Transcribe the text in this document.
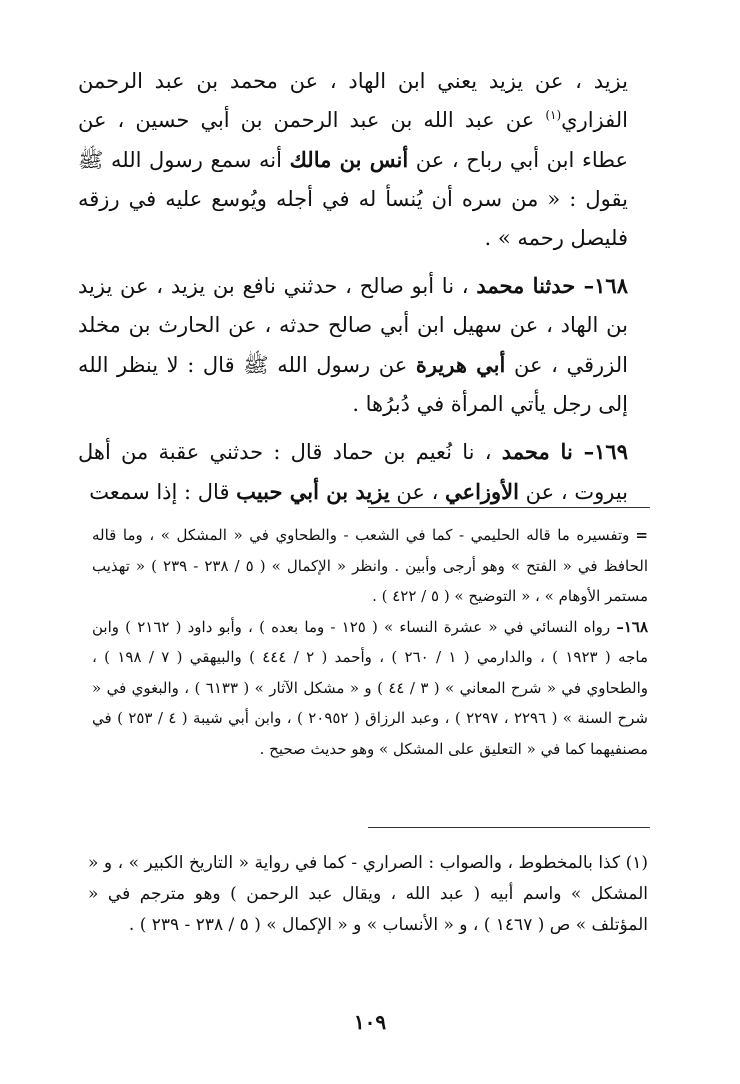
يزيد ، عن يزيد يعني ابن الهاد ، عن محمد بن عبد الرحمن الفزاري$^{(١)}$ عن عبد الله بن عبد الرحمن بن أبي حسين ، عن عطاء ابن أبي رباح ، عن أنس بن مالك أنه سمع رسول الله ﷺ يقول : « من سره أن يُنسأ له في أجله ويُوسع عليه في رزقه فليصل رحمه » .

١٦٨– حدثنا محمد ، نا أبو صالح ، حدثني نافع بن يزيد ، عن يزيد بن الهاد ، عن سهيل ابن أبي صالح حدثه ، عن الحارث بن مخلد الزرقي ، عن أبي هريرة عن رسول الله ﷺ قال : لا ينظر الله إلى رجل يأتي المرأة في دُبرُها .

١٦٩– نا محمد ، نا نُعيم بن حماد قال : حدثني عقبة من أهل بيروت ، عن الأوزاعي ، عن يزيد بن أبي حبيب قال : إذا سمعت

=وتفسيره ما قاله الحليمي - كما في الشعب - والطحاوي في « المشكل » ، وما قاله الحافظ في « الفتح » وهو أرجى وأبين . وانظر « الإكمال » ( ٥ / ٢٣٨ - ٢٣٩ ) « تهذيب مستمر الأوهام » ، « التوضيح » ( ٥ / ٤٢٢ ) .

١٦٨– رواه النسائي في « عشرة النساء » ( ١٢٥ - وما بعده ) ، وأبو داود ( ٢١٦٢ ) وابن ماجه ( ١٩٢٣ ) ، والدارمي ( ١ / ٢٦٠ ) ، وأحمد ( ٢ / ٤٤٤ ) والبيهقي ( ٧ / ١٩٨ ) ، والطحاوي في « شرح المعاني » ( ٣ / ٤٤ ) و « مشكل الآثار » ( ٦١٣٣ ) ، والبغوي في « شرح السنة » ( ٢٢٩٦ ، ٢٢٩٧ ) ، وعبد الرزاق ( ٢٠٩٥٢ ) ، وابن أبي شيبة ( ٤ / ٢٥٣ ) في مصنفيهما كما في « التعليق على المشكل » وهو حديث صحيح .

(١) كذا بالمخطوط ، والصواب : الصراري - كما في رواية « التاريخ الكبير » ، و « المشكل » واسم أبيه ( عبد الله ، ويقال عبد الرحمن ) وهو مترجم في « المؤتلف » ص ( ١٤٦٧ ) ، و « الأنساب » و « الإكمال » ( ٥ / ٢٣٨ - ٢٣٩ ) .

١٠٩
